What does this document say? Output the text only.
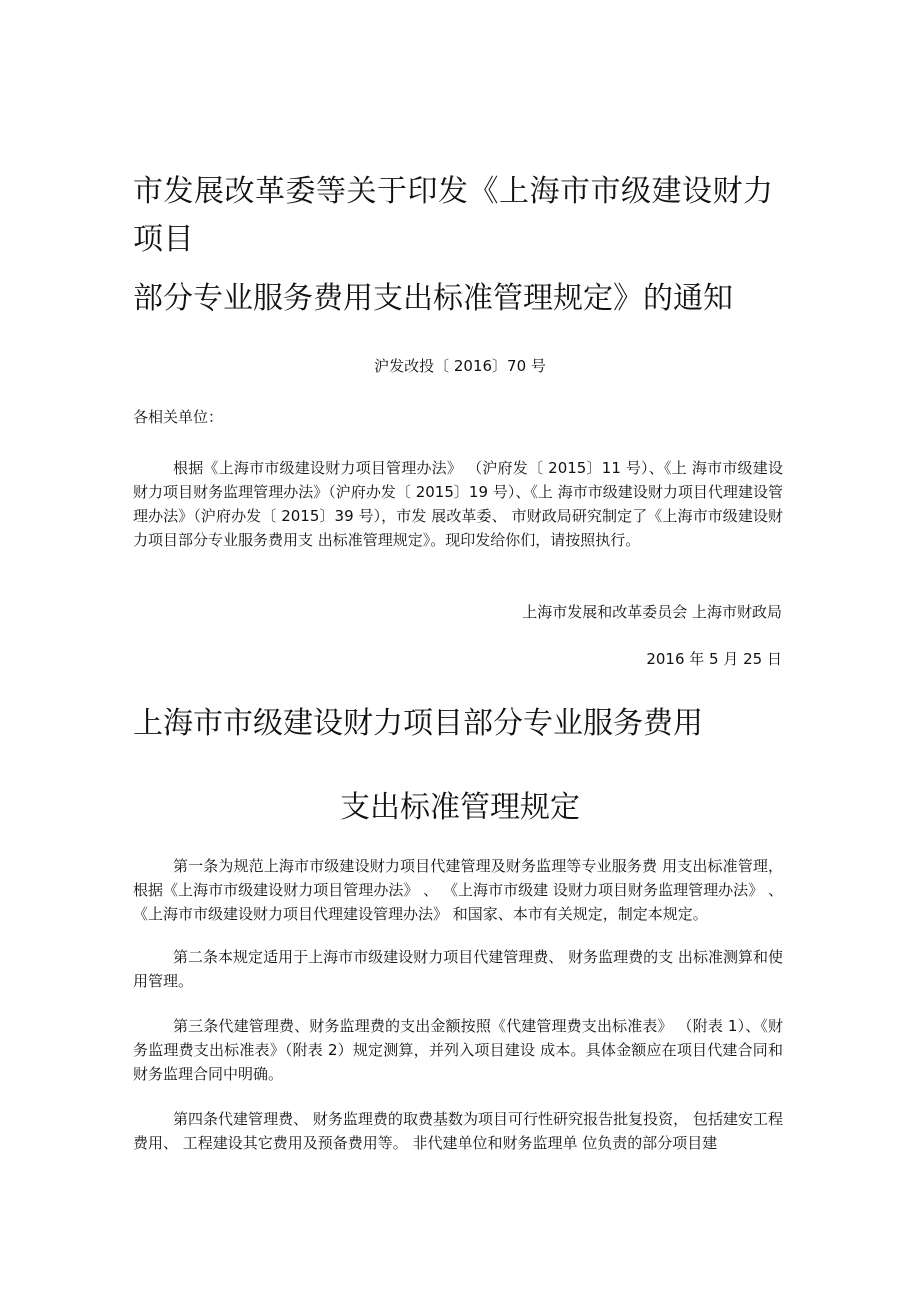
市发展改革委等关于印发《上海市市级建设财力项目
部分专业服务费用支出标准管理规定》的通知
沪发改投〔 2016〕70 号
各相关单位：
根据《上海市市级建设财力项目管理办法》 （沪府发〔 2015〕11 号）、《上 海市市级建设财力项目财务监理管理办法》（沪府办发〔 2015〕19 号）、《上 海市市级建设财力项目代理建设管理办法》（沪府办发〔 2015〕39 号），市发 展改革委、 市财政局研究制定了《上海市市级建设财力项目部分专业服务费用支 出标准管理规定》。现印发给你们，请按照执行。
上海市发展和改革委员会 上海市财政局
2016 年 5 月 25 日
上海市市级建设财力项目部分专业服务费用
支出标准管理规定
第一条为规范上海市市级建设财力项目代建管理及财务监理等专业服务费 用支出标准管理，根据《上海市市级建设财力项目管理办法》 、 《上海市市级建 设财力项目财务监理管理办法》 、《上海市市级建设财力项目代理建设管理办法》 和国家、本市有关规定，制定本规定。
第二条本规定适用于上海市市级建设财力项目代建管理费、 财务监理费的支 出标准测算和使用管理。
第三条代建管理费、财务监理费的支出金额按照《代建管理费支出标准表》 （附表 1）、《财务监理费支出标准表》（附表 2）规定测算，并列入项目建设 成本。具体金额应在项目代建合同和财务监理合同中明确。
第四条代建管理费、 财务监理费的取费基数为项目可行性研究报告批复投资， 包括建安工程费用、 工程建设其它费用及预备费用等。 非代建单位和财务监理单 位负责的部分项目建
